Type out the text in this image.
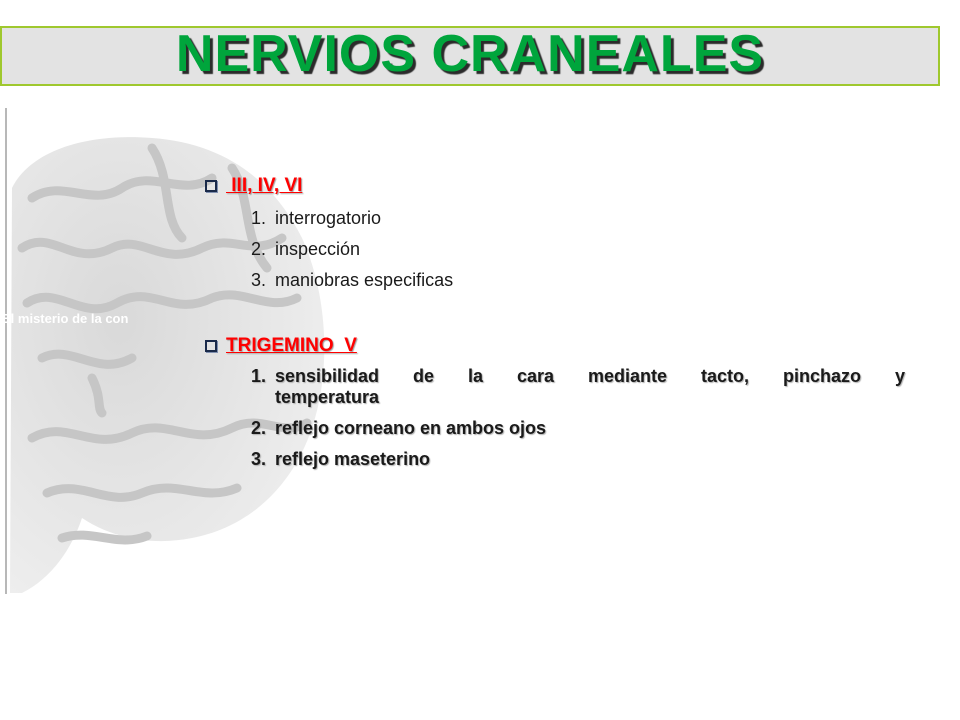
NERVIOS CRANEALES
El misterio de la con
III, IV, VI
1. interrogatorio
2. inspección
3. maniobras especificas
TRIGEMINO  V
1. sensibilidad de la cara mediante tacto, pinchazo y
temperatura
2. reflejo corneano en ambos ojos
3. reflejo maseterino
